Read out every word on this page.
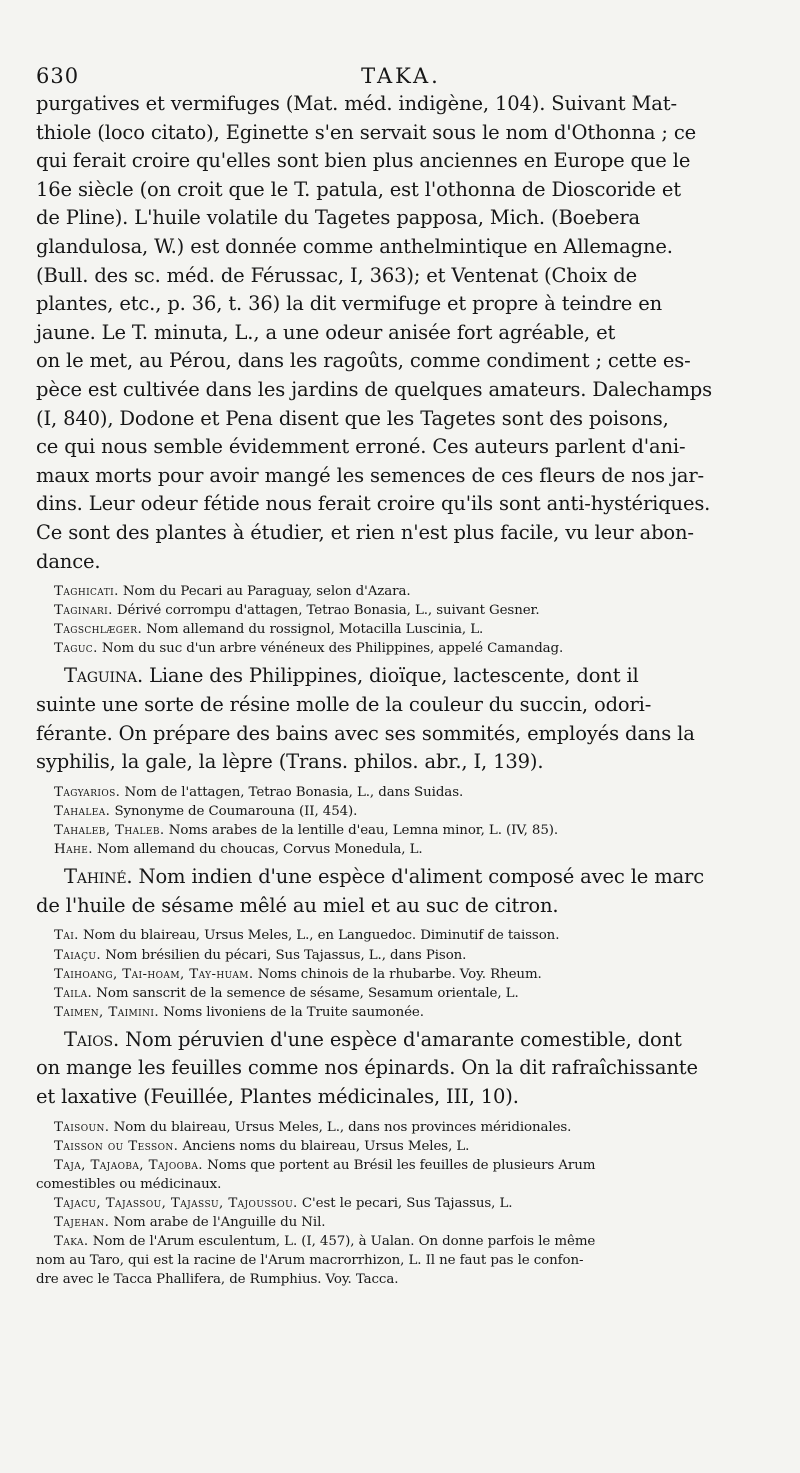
630	TAKA.

purgatives et vermifuges (Mat. méd. indigène, 104). Suivant Mat-

thiole (loco citato), Eginette s'en servait sous le nom d'Othonna ; ce

qui ferait croire qu'elles sont bien plus anciennes en Europe que le

16e siècle (on croit que le T. patula, est l'othonna de Dioscoride et

de Pline). L'huile volatile du Tagetes papposa, Mich. (Boebera

glandulosa, W.) est donnée comme anthelmintique en Allemagne.

(Bull. des sc. méd. de Férussac, I, 363); et Ventenat (Choix de

plantes, etc., p. 36, t. 36) la dit vermifuge et propre à teindre en

jaune. Le T. minuta, L., a une odeur anisée fort agréable, et

on le met, au Pérou, dans les ragoûts, comme condiment ; cette es-

pèce est cultivée dans les jardins de quelques amateurs. Dalechamps

(I, 840), Dodone et Pena disent que les Tagetes sont des poisons,

ce qui nous semble évidemment erroné. Ces auteurs parlent d'ani-

maux morts pour avoir mangé les semences de ces fleurs de nos jar-

dins. Leur odeur fétide nous ferait croire qu'ils sont anti-hystériques.

Ce sont des plantes à étudier, et rien n'est plus facile, vu leur abon-

dance.

Taghicati. Nom du Pecari au Paraguay, selon d'Azara.

Taginari. Dérivé corrompu d'attagen, Tetrao Bonasia, L., suivant Gesner.

Tagschlæger. Nom allemand du rossignol, Motacilla Luscinia, L.

Taguc. Nom du suc d'un arbre vénéneux des Philippines, appelé Camandag.

Taguina. Liane des Philippines, dioïque, lactescente, dont il

suinte une sorte de résine molle de la couleur du succin, odori-

férante. On prépare des bains avec ses sommités, employés dans la

syphilis, la gale, la lèpre (Trans. philos. abr., I, 139).

Tagyarios. Nom de l'attagen, Tetrao Bonasia, L., dans Suidas.

Tahalea. Synonyme de Coumarouna (II, 454).

Tahaleb, Thaleb. Noms arabes de la lentille d'eau, Lemna minor, L. (IV, 85).

Hahe. Nom allemand du choucas, Corvus Monedula, L.

Tahiné. Nom indien d'une espèce d'aliment composé avec le marc

de l'huile de sésame mêlé au miel et au suc de citron.

Tai. Nom du blaireau, Ursus Meles, L., en Languedoc. Diminutif de taisson.

Taiaçu. Nom brésilien du pécari, Sus Tajassus, L., dans Pison.

Taihoang, Tai-hoam, Tay-huam. Noms chinois de la rhubarbe. Voy. Rheum.

Taila. Nom sanscrit de la semence de sésame, Sesamum orientale, L.

Taimen, Taimini. Noms livoniens de la Truite saumonée.

Taios. Nom péruvien d'une espèce d'amarante comestible, dont

on mange les feuilles comme nos épinards. On la dit rafraîchissante

et laxative (Feuillée, Plantes médicinales, III, 10).

Taisoun. Nom du blaireau, Ursus Meles, L., dans nos provinces méridionales.

Taisson ou Tesson. Anciens noms du blaireau, Ursus Meles, L.

Taja, Tajaoba, Tajooba. Noms que portent au Brésil les feuilles de plusieurs Arum

comestibles ou médicinaux.

Tajacu, Tajassou, Tajassu, Tajoussou. C'est le pecari, Sus Tajassus, L.

Tajehan. Nom arabe de l'Anguille du Nil.

Taka. Nom de l'Arum esculentum, L. (I, 457), à Ualan. On donne parfois le même

nom au Taro, qui est la racine de l'Arum macrorrhizon, L. Il ne faut pas le confon-

dre avec le Tacca Phallifera, de Rumphius. Voy. Tacca.
